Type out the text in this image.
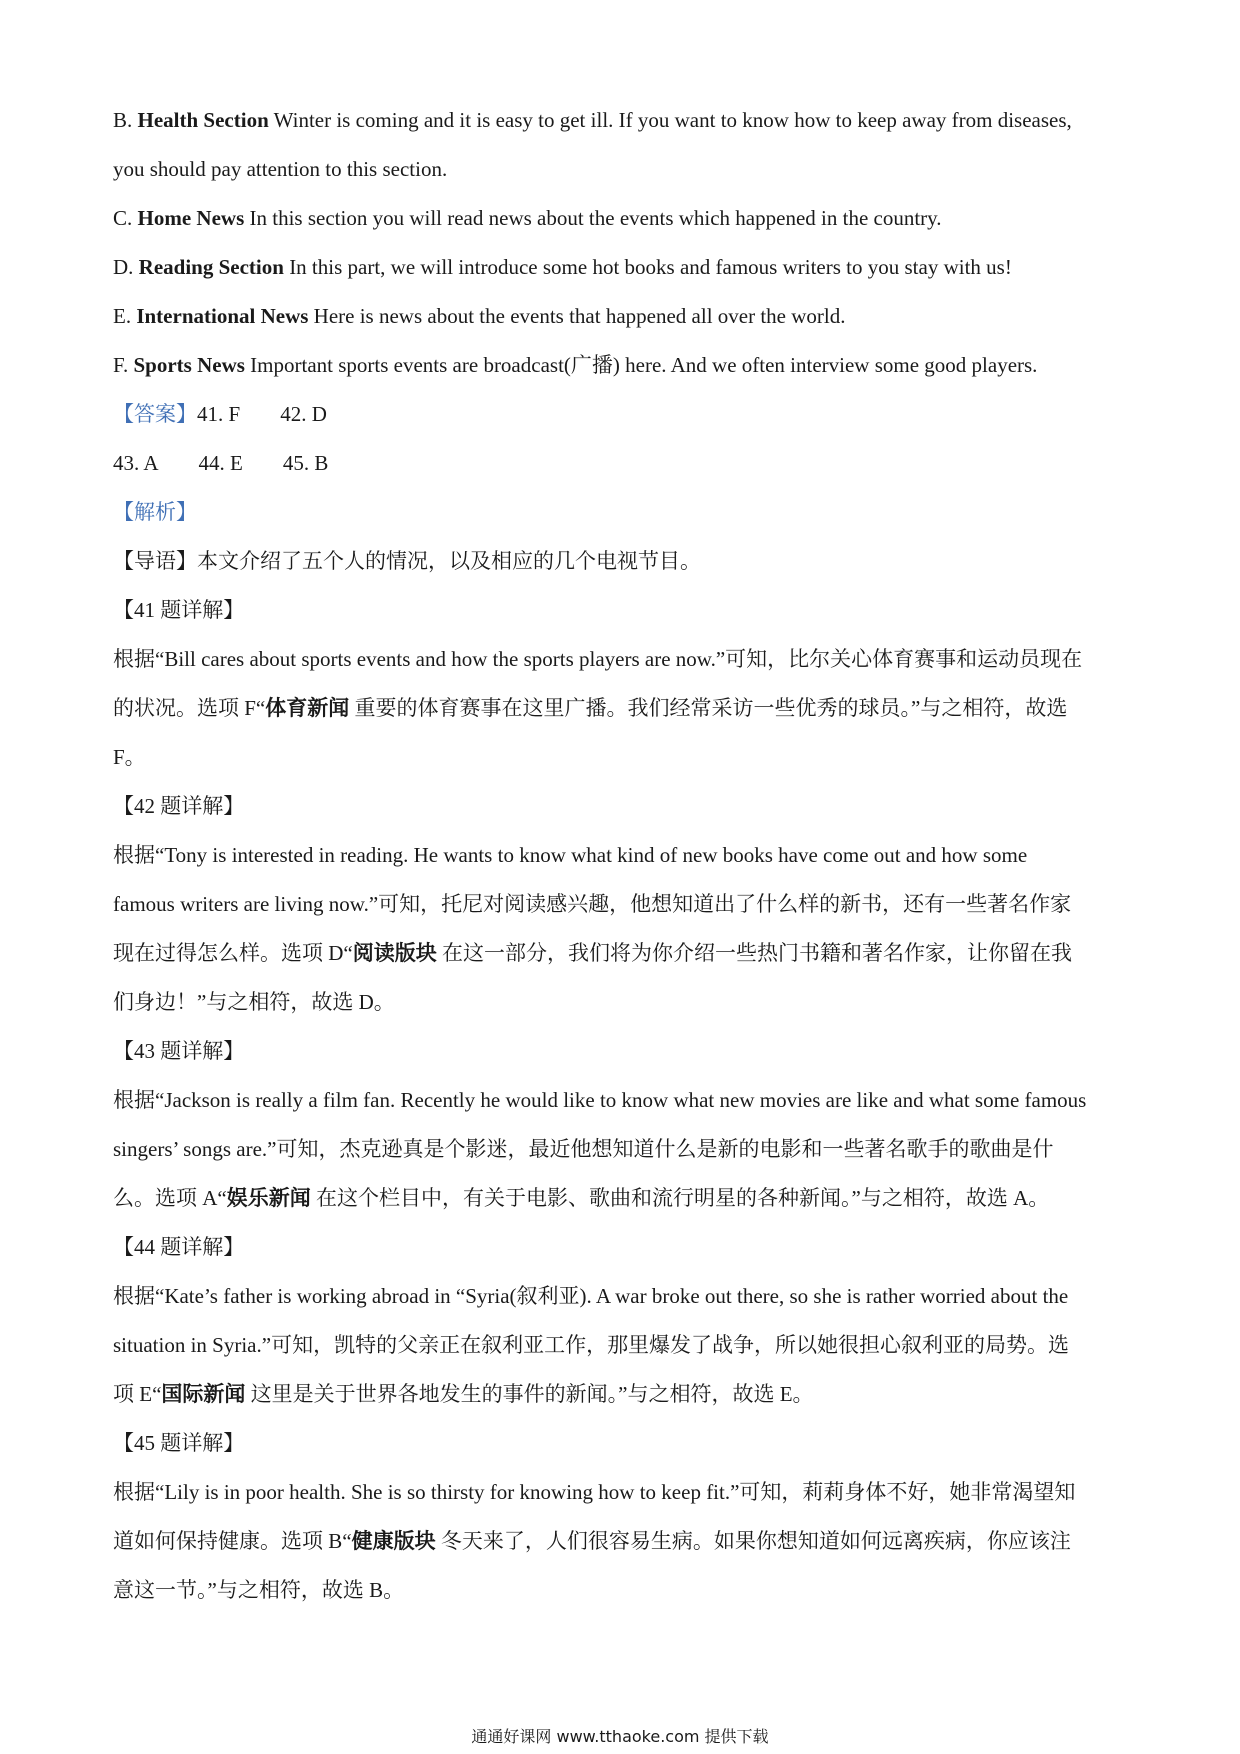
B. Health Section Winter is coming and it is easy to get ill. If you want to know how to keep away from diseases,
you should pay attention to this section.
C. Home News In this section you will read news about the events which happened in the country.
D. Reading Section In this part, we will introduce some hot books and famous writers to you stay with us!
E. International News Here is news about the events that happened all over the world.
F. Sports News Important sports events are broadcast(广播) here. And we often interview some good players.
【答案】41. F 42. D
43. A 44. E 45. B
【解析】
【导语】本文介绍了五个人的情况，以及相应的几个电视节目。
【41 题详解】
根据“Bill cares about sports events and how the sports players are now.”可知，比尔关心体育赛事和运动员现在
的状况。选项 F“体育新闻 重要的体育赛事在这里广播。我们经常采访一些优秀的球员。”与之相符，故选
F。
【42 题详解】
根据“Tony is interested in reading. He wants to know what kind of new books have come out and how some
famous writers are living now.”可知，托尼对阅读感兴趣，他想知道出了什么样的新书，还有一些著名作家
现在过得怎么样。选项 D“阅读版块 在这一部分，我们将为你介绍一些热门书籍和著名作家，让你留在我
们身边！”与之相符，故选 D。
【43 题详解】
根据“Jackson is really a film fan. Recently he would like to know what new movies are like and what some famous
singers’ songs are.”可知，杰克逊真是个影迷，最近他想知道什么是新的电影和一些著名歌手的歌曲是什
么。选项 A“娱乐新闻 在这个栏目中，有关于电影、歌曲和流行明星的各种新闻。”与之相符，故选 A。
【44 题详解】
根据“Kate’s father is working abroad in “Syria(叙利亚). A war broke out there, so she is rather worried about the
situation in Syria.”可知，凯特的父亲正在叙利亚工作，那里爆发了战争，所以她很担心叙利亚的局势。选
项 E“国际新闻 这里是关于世界各地发生的事件的新闻。”与之相符，故选 E。
【45 题详解】
根据“Lily is in poor health. She is so thirsty for knowing how to keep fit.”可知，莉莉身体不好，她非常渴望知
道如何保持健康。选项 B“健康版块 冬天来了，人们很容易生病。如果你想知道如何远离疾病，你应该注
意这一节。”与之相符，故选 B。
通通好课网 www.tthaoke.com 提供下载
